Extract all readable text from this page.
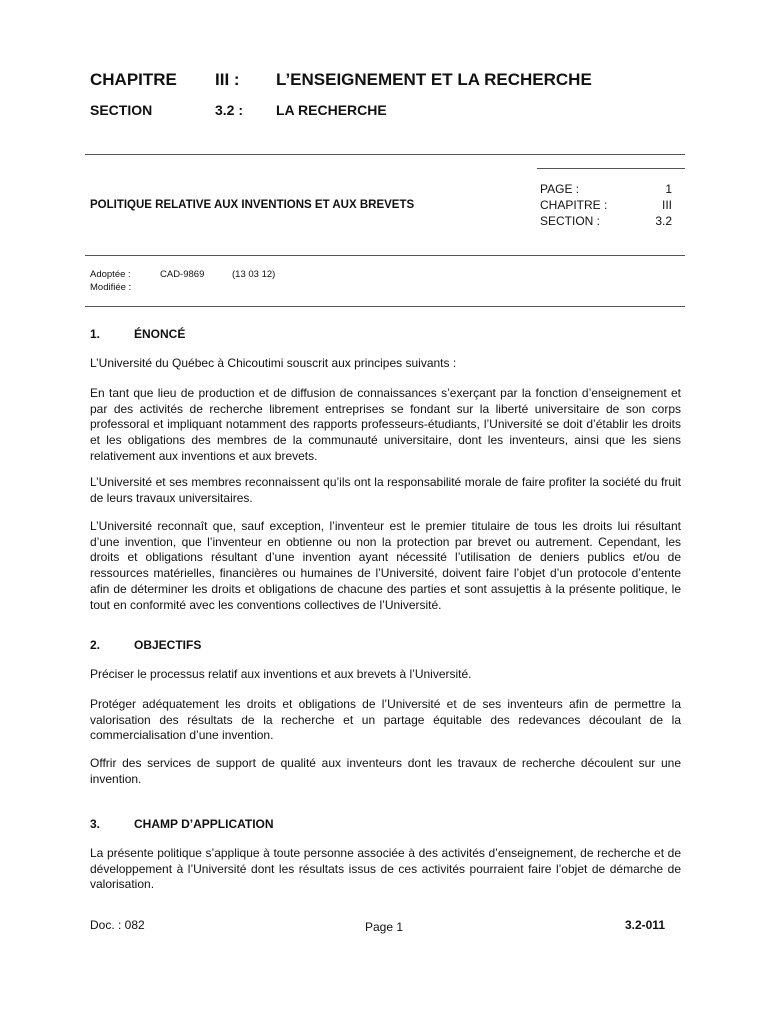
CHAPITRE III : L’ENSEIGNEMENT ET LA RECHERCHE
SECTION	3.2 : LA RECHERCHE
POLITIQUE RELATIVE AUX INVENTIONS ET AUX BREVETS
PAGE :	1
CHAPITRE :	III
SECTION :	3.2
Adoptée :	CAD-9869	(13 03 12)
Modifiée :
1.	ÉNONCÉ
L’Université du Québec à Chicoutimi souscrit aux principes suivants :
En tant que lieu de production et de diffusion de connaissances s’exerçant par la fonction d’enseignement et par des activités de recherche librement entreprises se fondant sur la liberté universitaire de son corps professoral et impliquant notamment des rapports professeurs-étudiants, l’Université se doit d’établir les droits et les obligations des membres de la communauté universitaire, dont les inventeurs, ainsi que les siens relativement aux inventions et aux brevets.
L’Université et ses membres reconnaissent qu’ils ont la responsabilité morale de faire profiter la société du fruit de leurs travaux universitaires.
L’Université reconnaît que, sauf exception, l’inventeur est le premier titulaire de tous les droits lui résultant d’une invention, que l’inventeur en obtienne ou non la protection par brevet ou autrement. Cependant, les droits et obligations résultant d’une invention ayant nécessité l’utilisation de deniers publics et/ou de ressources matérielles, financières ou humaines de l’Université, doivent faire l’objet d’un protocole d’entente afin de déterminer les droits et obligations de chacune des parties et sont assujettis à la présente politique, le tout en conformité avec les conventions collectives de l’Université.
2.	OBJECTIFS
Préciser le processus relatif aux inventions et aux brevets à l’Université.
Protéger adéquatement les droits et obligations de l’Université et de ses inventeurs afin de permettre la valorisation des résultats de la recherche et un partage équitable des redevances découlant de la commercialisation d’une invention.
Offrir des services de support de qualité aux inventeurs dont les travaux de recherche découlent sur une invention.
3.	CHAMP D’APPLICATION
La présente politique s’applique à toute personne associée à des activités d’enseignement, de recherche et de développement à l’Université dont les résultats issus de ces activités pourraient faire l’objet de démarche de valorisation.
Doc. : 082	Page 1	3.2-011
